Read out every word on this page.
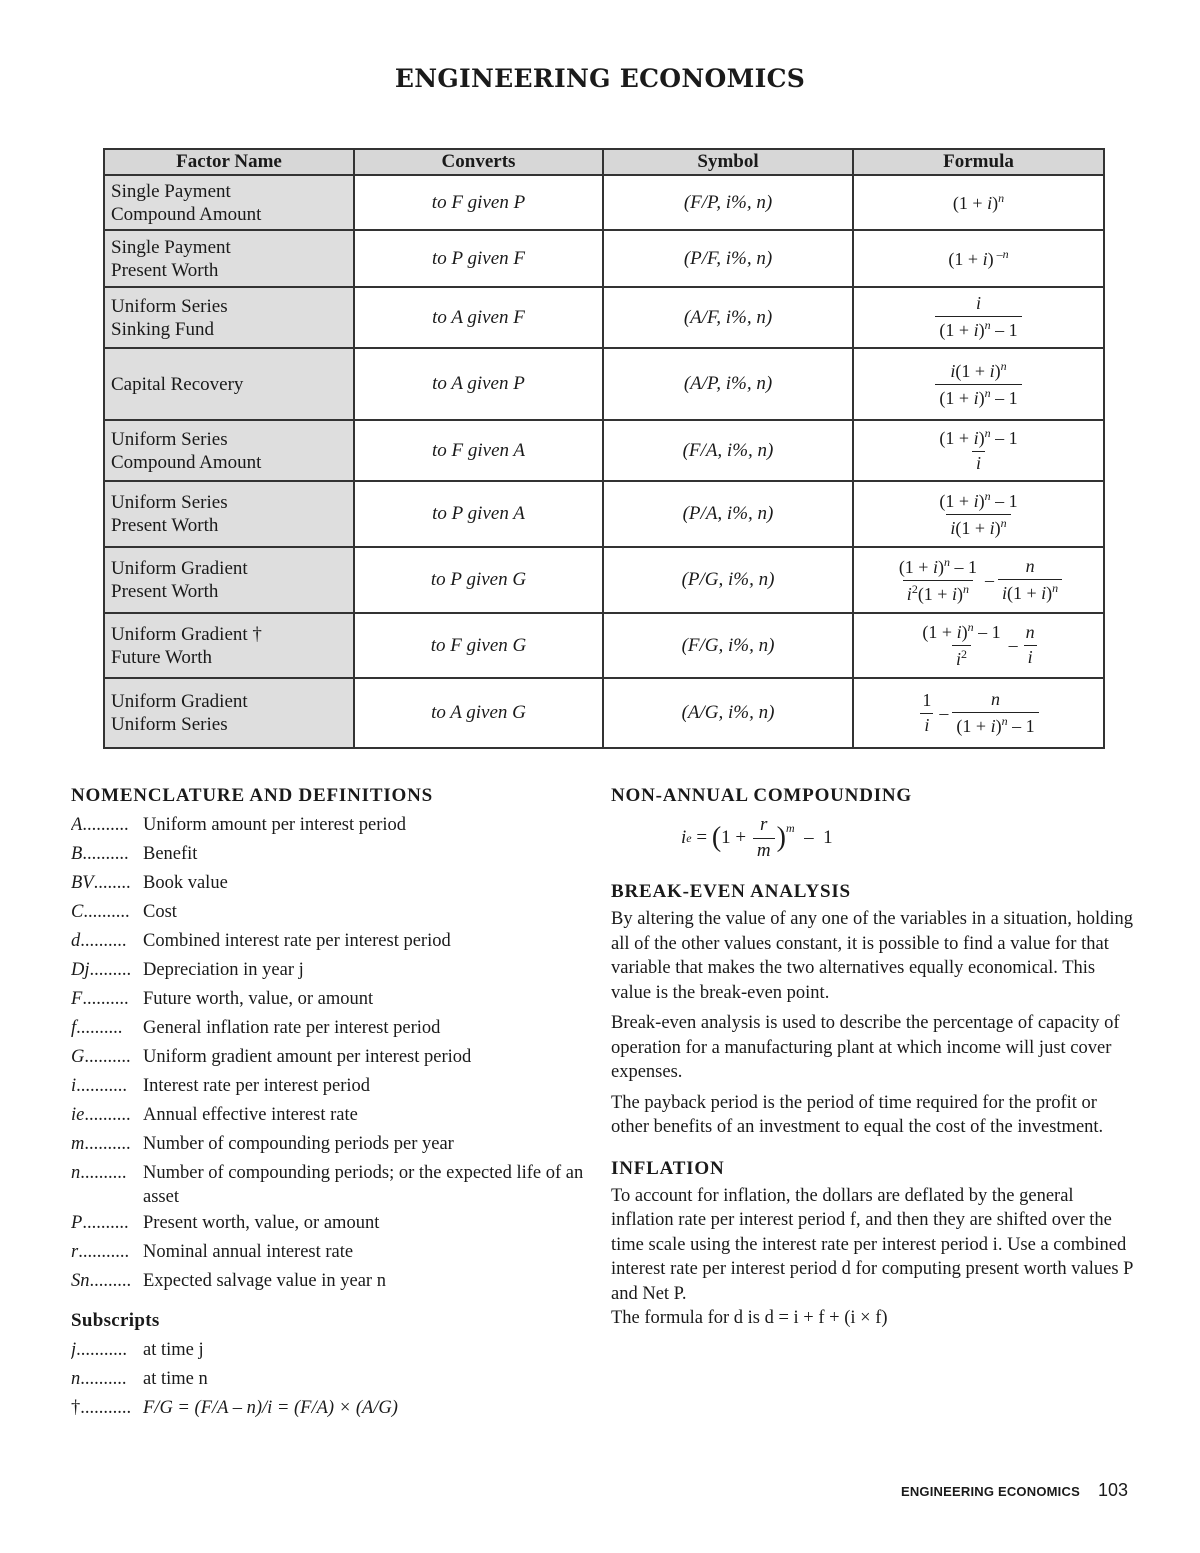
ENGINEERING ECONOMICS
Factor Name	Converts	Symbol	Formula
Single Payment
Compound Amount	to F given P	(F/P, i%, n)	$(1 + i)^n$
Single Payment
Present Worth	to P given F	(P/F, i%, n)	(1 + i) $^{-n}$
Uniform Series
Sinking Fund	to A given F	(A/F, i%, n)	$\frac{i}{(1 + i)^n - 1}$

Capital Recovery	to A given P	(A/P, i%, n)	$\frac{i(1 + i)^n}{(1 + i)^n - 1}$

Uniform Series
Compound Amount	to F given A	(F/A, i%, n)	$\frac{(1 + i)^n - 1}{i}$

Uniform Series
Present Worth	to P given A	(P/A, i%, n)	$\frac{(1 + i)^n - 1}{i(1 + i)^n}$

Uniform Gradient
Present Worth	to P given G	(P/G, i%, n)	$\frac{(1 + i)^n - 1}{i^2(1 + i)^n} - \frac{n}{i(1 + i)^n}$

Uniform Gradient †
Future Worth	to F given G	(F/G, i%, n)	$\frac{(1 + i)^n - 1}{i^2} - \frac{n}{i}$

Uniform Gradient
Uniform Series	to A given G	(A/G, i%, n)	$\frac{1}{i} - \frac{n}{(1 + i)^n - 1}$
NOMENCLATURE AND DEFINITIONS
A.......... Uniform amount per interest period
B.......... Benefit
BV........ Book value
C.......... Cost
d.......... Combined interest rate per interest period
Dj......... Depreciation in year j
F.......... Future worth, value, or amount
f..........	General inflation rate per interest period
G.......... Uniform gradient amount per interest period
i........... Interest rate per interest period
ie.......... Annual effective interest rate
m.......... Number of compounding periods per year
n.......... Number of compounding periods; or the expected life of an asset
P.......... Present worth, value, or amount
r........... Nominal annual interest rate
Sn......... Expected salvage value in year n
Subscripts
j........... at time j
n.......... at time n
†........... F/G = (F/A – n)/i = (F/A) × (A/G)
NON-ANNUAL COMPOUNDING
i e = ( $1 + \frac{r}{m} )^m - 1$
BREAK-EVEN ANALYSIS
By altering the value of any one of the variables in a situation, holding all of the other values constant, it is possible to find a value for that variable that makes the two alternatives equally economical. This value is the break-even point.
Break-even analysis is used to describe the percentage of capacity of operation for a manufacturing plant at which income will just cover expenses.
The payback period is the period of time required for the profit or other benefits of an investment to equal the cost of the investment.
INFLATION
To account for inflation, the dollars are deflated by the general inflation rate per interest period f, and then they are shifted over the time scale using the interest rate per interest period i. Use a combined interest rate per interest period d for computing present worth values P and Net P.
The formula for d is d = i + f + (i × f)
ENGINEERING ECONOMICS 103
